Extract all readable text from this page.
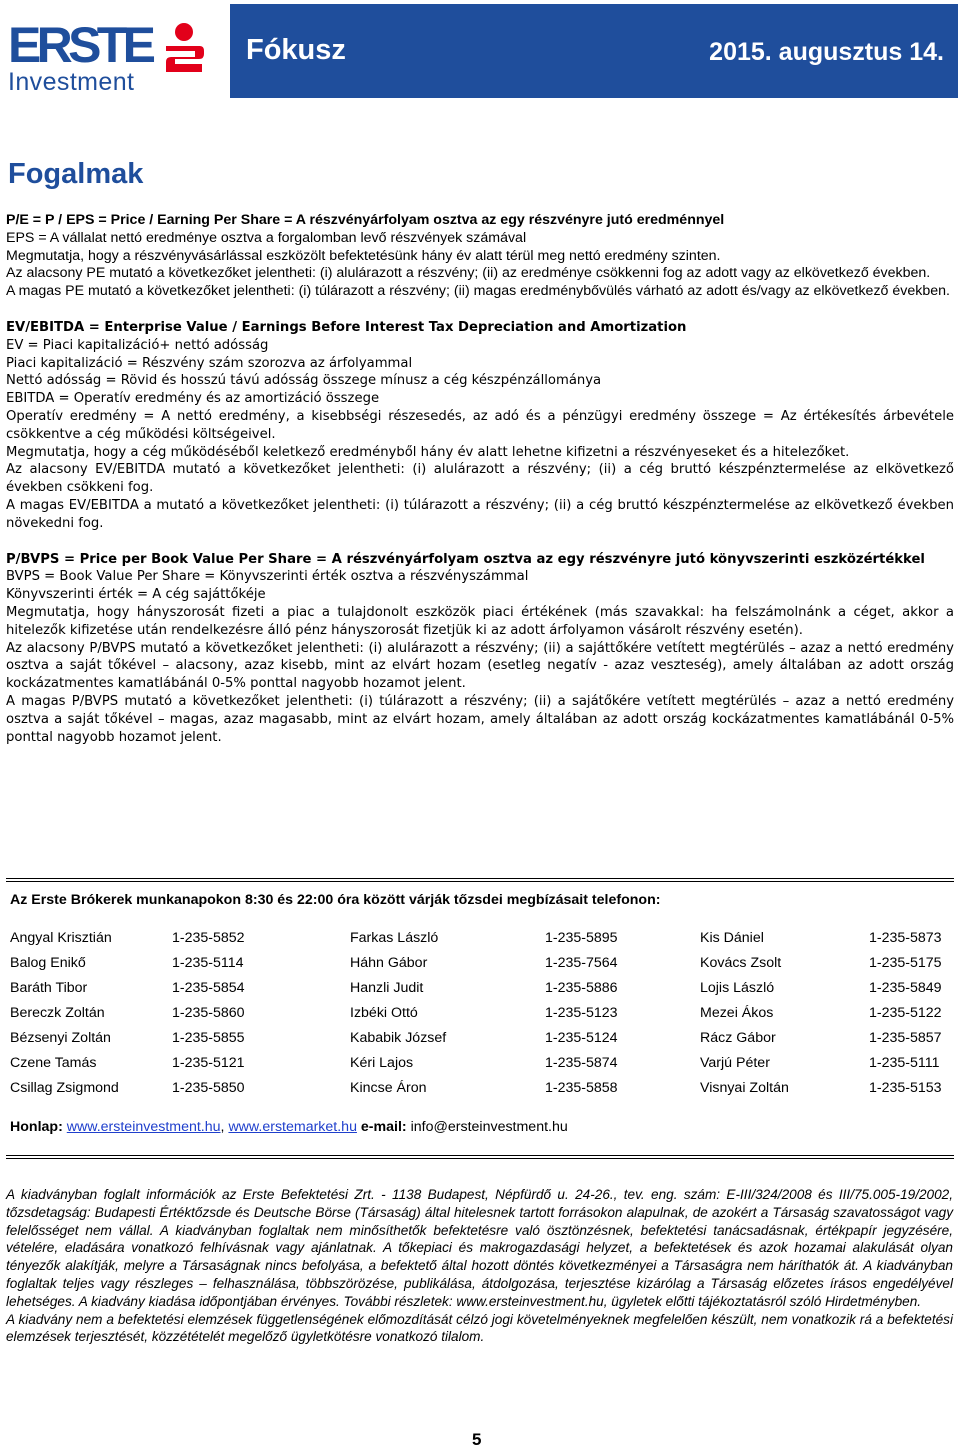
ERSTE
Investment
Fókusz	2015. augusztus 14.
Fogalmak

P/E = P / EPS = Price / Earning Per Share = A részvényárfolyam osztva az egy részvényre jutó eredménnyel

EPS = A vállalat nettó eredménye osztva a forgalomban levő részvények számával

Megmutatja, hogy a részvényvásárlással eszközölt befektetésünk hány év alatt térül meg nettó eredmény szinten.

Az alacsony PE mutató a következőket jelentheti: (i) alulárazott a részvény; (ii) az eredménye csökkenni fog az adott vagy az elkövetkező években.

A magas PE mutató a következőket jelentheti: (i) túlárazott a részvény; (ii) magas eredménybővülés várható az adott és/vagy az elkövetkező években.

EV/EBITDA = Enterprise Value / Earnings Before Interest Tax Depreciation and Amortization

EV = Piaci kapitalizáció+ nettó adósság

Piaci kapitalizáció = Részvény szám szorozva az árfolyammal

Nettó adósság = Rövid és hosszú távú adósság összege mínusz a cég készpénzállománya

EBITDA = Operatív eredmény és az amortizáció összege

Operatív eredmény = A nettó eredmény, a kisebbségi részesedés, az adó és a pénzügyi eredmény összege = Az értékesítés árbevétele csökkentve a cég működési költségeivel.

Megmutatja, hogy a cég működéséből keletkező eredményből hány év alatt lehetne kifizetni a részvényeseket és a hitelezőket.

Az alacsony EV/EBITDA mutató a következőket jelentheti: (i) alulárazott a részvény; (ii) a cég bruttó készpénztermelése az elkövetkező években csökkeni fog.

A magas EV/EBITDA a mutató a következőket jelentheti: (i) túlárazott a részvény; (ii) a cég bruttó készpénztermelése az elkövetkező években növekedni fog.

P/BVPS = Price per Book Value Per Share = A részvényárfolyam osztva az egy részvényre jutó könyvszerinti eszközértékkel

BVPS = Book Value Per Share = Könyvszerinti érték osztva a részvényszámmal

Könyvszerinti érték = A cég sajáttőkéje

Megmutatja, hogy hányszorosát fizeti a piac a tulajdonolt eszközök piaci értékének (más szavakkal: ha felszámolnánk a céget, akkor a hitelezők kifizetése után rendelkezésre álló pénz hányszorosát fizetjük ki az adott árfolyamon vásárolt részvény esetén).

Az alacsony P/BVPS mutató a következőket jelentheti: (i) alulárazott a részvény; (ii) a sajáttőkére vetített megtérülés – azaz a nettó eredmény osztva a saját tőkével – alacsony, azaz kisebb, mint az elvárt hozam (esetleg negatív - azaz veszteség), amely általában az adott ország kockázatmentes kamatlábánál 0-5% ponttal nagyobb hozamot jelent.

A magas P/BVPS mutató a következőket jelentheti: (i) túlárazott a részvény; (ii) a sajátőkére vetített megtérülés – azaz a nettó eredmény osztva a saját tőkével – magas, azaz magasabb, mint az elvárt hozam, amely általában az adott ország kockázatmentes kamatlábánál 0-5% ponttal nagyobb hozamot jelent.

Az Erste Brókerek munkanapokon 8:30 és 22:00 óra között várják tőzsdei megbízásait telefonon:
Angyal Krisztián	1-235-5852	Farkas László	1-235-5895	Kis Dániel	1-235-5873
Balog Enikő	1-235-5114	Háhn Gábor	1-235-7564	Kovács Zsolt	1-235-5175
Baráth Tibor	1-235-5854	Hanzli Judit	1-235-5886	Lojis László	1-235-5849
Bereczk Zoltán	1-235-5860	Izbéki Ottó	1-235-5123	Mezei Ákos	1-235-5122
Bézsenyi Zoltán	1-235-5855	Kababik József	1-235-5124	Rácz Gábor	1-235-5857
Czene Tamás	1-235-5121	Kéri Lajos	1-235-5874	Varjú Péter	1-235-5111
Csillag Zsigmond	1-235-5850	Kincse Áron	1-235-5858	Visnyai Zoltán	1-235-5153
Honlap: www.ersteinvestment.hu, www.erstemarket.hu e-mail: info@ersteinvestment.hu

A kiadványban foglalt információk az Erste Befektetési Zrt. - 1138 Budapest, Népfürdő u. 24-26., tev. eng. szám: E-III/324/2008 és III/75.005-19/2002, tőzsdetagság: Budapesti Értéktőzsde és Deutsche Börse (Társaság) által hitelesnek tartott forrásokon alapulnak, de azokért a Társaság szavatosságot vagy felelősséget nem vállal. A kiadványban foglaltak nem minősíthetők befektetésre való ösztönzésnek, befektetési tanácsadásnak, értékpapír jegyzésére, vételére, eladására vonatkozó felhívásnak vagy ajánlatnak. A tőkepiaci és makrogazdasági helyzet, a befektetések és azok hozamai alakulását olyan tényezők alakítják, melyre a Társaságnak nincs befolyása, a befektető által hozott döntés következményei a Társaságra nem háríthatók át. A kiadványban foglaltak teljes vagy részleges – felhasználása, többszörözése, publikálása, átdolgozása, terjesztése kizárólag a Társaság előzetes írásos engedélyével lehetséges. A kiadvány kiadása időpontjában érvényes. További részletek: www.ersteinvestment.hu, ügyletek előtti tájékoztatásról szóló Hirdetményben.

A kiadvány nem a befektetési elemzések függetlenségének előmozdítását célzó jogi követelményeknek megfelelően készült, nem vonatkozik rá a befektetési elemzések terjesztését, közzétételét megelőző ügyletkötésre vonatkozó tilalom.

5
